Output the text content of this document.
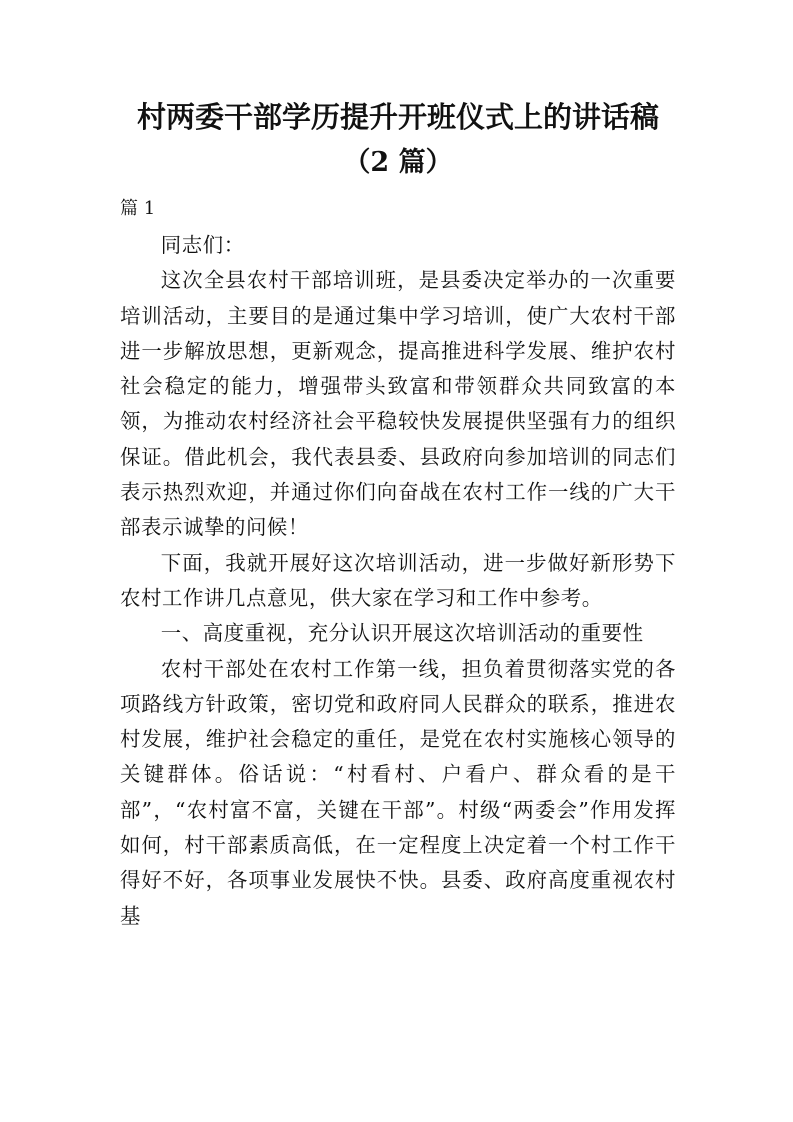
村两委干部学历提升开班仪式上的讲话稿
（2 篇）
篇 1

同志们：

这次全县农村干部培训班，是县委决定举办的一次重要培训活动，主要目的是通过集中学习培训，使广大农村干部进一步解放思想，更新观念，提高推进科学发展、维护农村社会稳定的能力，增强带头致富和带领群众共同致富的本领，为推动农村经济社会平稳较快发展提供坚强有力的组织保证。借此机会，我代表县委、县政府向参加培训的同志们表示热烈欢迎，并通过你们向奋战在农村工作一线的广大干部表示诚挚的问候！

下面，我就开展好这次培训活动，进一步做好新形势下农村工作讲几点意见，供大家在学习和工作中参考。

一、高度重视，充分认识开展这次培训活动的重要性

农村干部处在农村工作第一线，担负着贯彻落实党的各项路线方针政策，密切党和政府同人民群众的联系，推进农村发展，维护社会稳定的重任，是党在农村实施核心领导的关键群体。俗话说：“村看村、户看户、群众看的是干部”，“农村富不富，关键在干部”。村级“两委会”作用发挥如何，村干部素质高低，在一定程度上决定着一个村工作干得好不好，各项事业发展快不快。县委、政府高度重视农村基
